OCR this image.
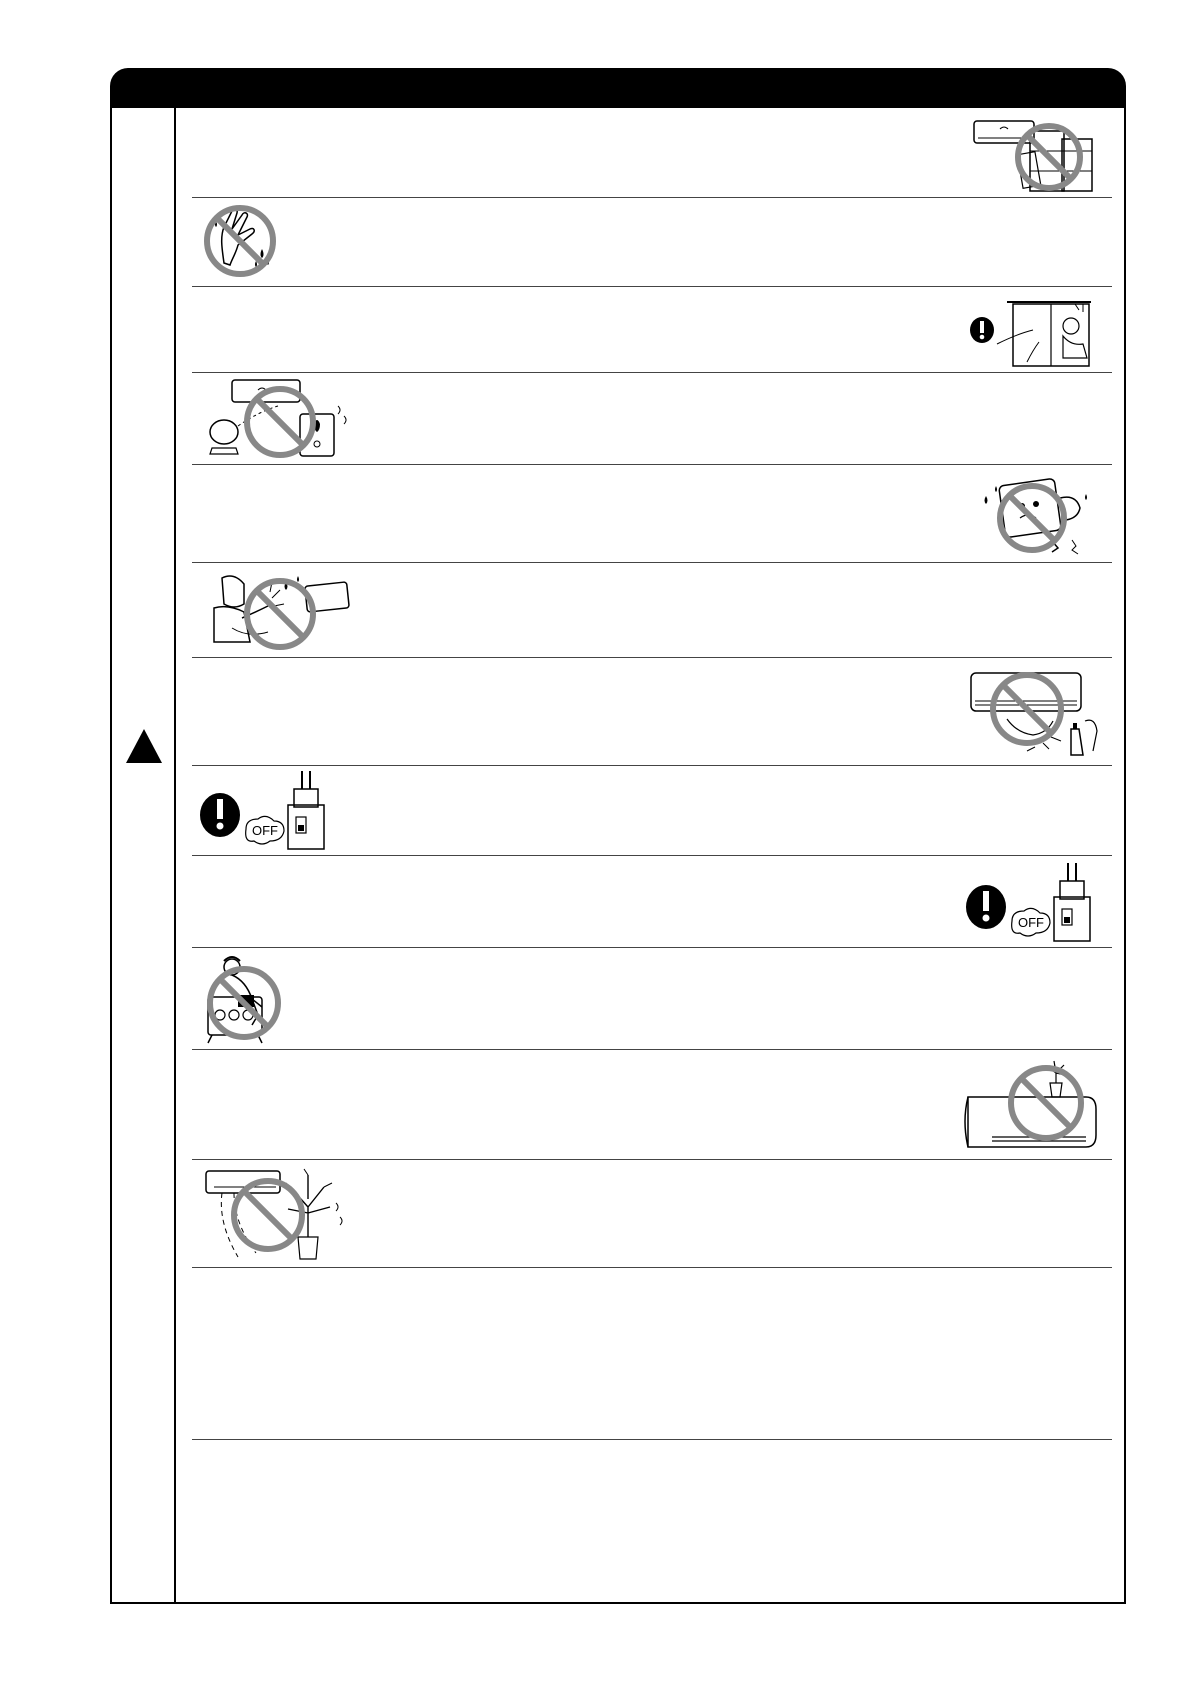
OFF
OFF
